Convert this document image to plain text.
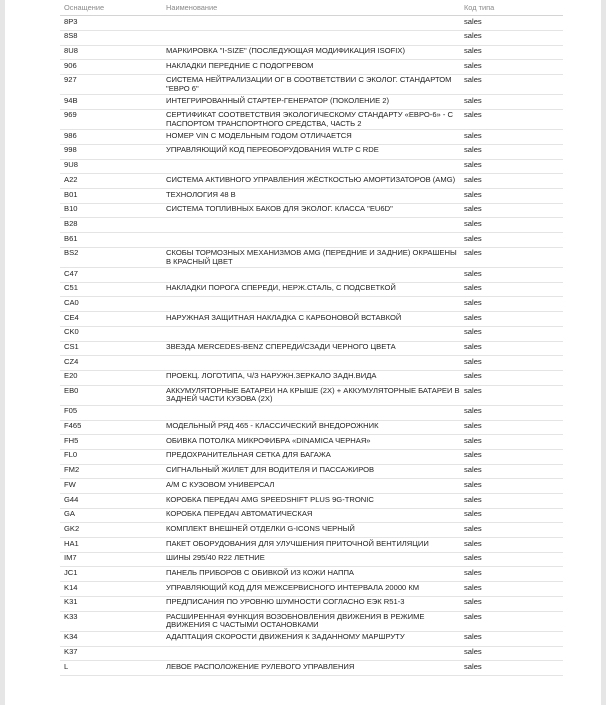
Оснащение	Наименование	Код типа
8P3		sales
8S8		sales
8U8	МАРКИРОВКА "I-SIZE" (ПОСЛЕДУЮЩАЯ МОДИФИКАЦИЯ ISOFIX)	sales
906	НАКЛАДКИ ПЕРЕДНИЕ С ПОДОГРЕВОМ	sales
927	СИСТЕМА НЕЙТРАЛИЗАЦИИ ОГ В СООТВЕТСТВИИ С ЭКОЛОГ. СТАНДАРТОМ "ЕВРО 6"	sales
94B	ИНТЕГРИРОВАННЫЙ СТАРТЕР-ГЕНЕРАТОР (ПОКОЛЕНИЕ 2)	sales
969	СЕРТИФИКАТ СООТВЕТСТВИЯ ЭКОЛОГИЧЕСКОМУ СТАНДАРТУ «ЕВРО-6» - С ПАСПОРТОМ ТРАНСПОРТНОГО СРЕДСТВА, ЧАСТЬ 2	sales
986	НОМЕР VIN С МОДЕЛЬНЫМ ГОДОМ ОТЛИЧАЕТСЯ	sales
998	УПРАВЛЯЮЩИЙ КОД ПЕРЕОБОРУДОВАНИЯ WLTP C RDE	sales
9U8		sales
A22	СИСТЕМА АКТИВНОГО УПРАВЛЕНИЯ ЖЁСТКОСТЬЮ АМОРТИЗАТОРОВ (AMG)	sales
B01	ТЕХНОЛОГИЯ 48 В	sales
B10	СИСТЕМА ТОПЛИВНЫХ БАКОВ ДЛЯ ЭКОЛОГ. КЛАССА "EU6D"	sales
B28		sales
B61		sales
BS2	СКОБЫ ТОРМОЗНЫХ МЕХАНИЗМОВ AMG (ПЕРЕДНИЕ И ЗАДНИЕ) ОКРАШЕНЫ В КРАСНЫЙ ЦВЕТ	sales
C47		sales
C51	НАКЛАДКИ ПОРОГА СПЕРЕДИ, НЕРЖ.СТАЛЬ, С ПОДСВЕТКОЙ	sales
CA0		sales
CE4	НАРУЖНАЯ ЗАЩИТНАЯ НАКЛАДКА С КАРБОНОВОЙ ВСТАВКОЙ	sales
CK0		sales
CS1	ЗВЕЗДА MERCEDES-BENZ СПЕРЕДИ/СЗАДИ ЧЕРНОГО ЦВЕТА	sales
CZ4		sales
E20	ПРОЕКЦ. ЛОГОТИПА, Ч/З НАРУЖН.ЗЕРКАЛО ЗАДН.ВИДА	sales
EB0	АККУМУЛЯТОРНЫЕ БАТАРЕИ НА КРЫШЕ (2X) + АККУМУЛЯТОРНЫЕ БАТАРЕИ В ЗАДНЕЙ ЧАСТИ КУЗОВА (2X)	sales
F05		sales
F465	МОДЕЛЬНЫЙ РЯД 465 - КЛАССИЧЕСКИЙ ВНЕДОРОЖНИК	sales
FH5	ОБИВКА ПОТОЛКА МИКРОФИБРА «DINAMICA ЧЕРНАЯ»	sales
FL0	ПРЕДОХРАНИТЕЛЬНАЯ СЕТКА ДЛЯ БАГАЖА	sales
FM2	СИГНАЛЬНЫЙ ЖИЛЕТ ДЛЯ ВОДИТЕЛЯ И ПАССАЖИРОВ	sales
FW	А/М С КУЗОВОМ УНИВЕРСАЛ	sales
G44	КОРОБКА ПЕРЕДАЧ AMG SPEEDSHIFT PLUS 9G-TRONIC	sales
GA	КОРОБКА ПЕРЕДАЧ АВТОМАТИЧЕСКАЯ	sales
GK2	КОМПЛЕКТ ВНЕШНЕЙ ОТДЕЛКИ G-ICONS ЧЕРНЫЙ	sales
HA1	ПАКЕТ ОБОРУДОВАНИЯ ДЛЯ УЛУЧШЕНИЯ ПРИТОЧНОЙ ВЕНТИЛЯЦИИ	sales
IM7	ШИНЫ 295/40 R22 ЛЕТНИЕ	sales
JC1	ПАНЕЛЬ ПРИБОРОВ С ОБИВКОЙ ИЗ КОЖИ НАППА	sales
K14	УПРАВЛЯЮЩИЙ КОД ДЛЯ МЕЖСЕРВИСНОГО ИНТЕРВАЛА 20000 КМ	sales
K31	ПРЕДПИСАНИЯ ПО УРОВНЮ ШУМНОСТИ СОГЛАСНО ЕЭК R51-3	sales
K33	РАСШИРЕННАЯ ФУНКЦИЯ ВОЗОБНОВЛЕНИЯ ДВИЖЕНИЯ В РЕЖИМЕ ДВИЖЕНИЯ С ЧАСТЫМИ ОСТАНОВКАМИ	sales
K34	АДАПТАЦИЯ СКОРОСТИ ДВИЖЕНИЯ К ЗАДАННОМУ МАРШРУТУ	sales
K37		sales
L	ЛЕВОЕ РАСПОЛОЖЕНИЕ РУЛЕВОГО УПРАВЛЕНИЯ	sales
